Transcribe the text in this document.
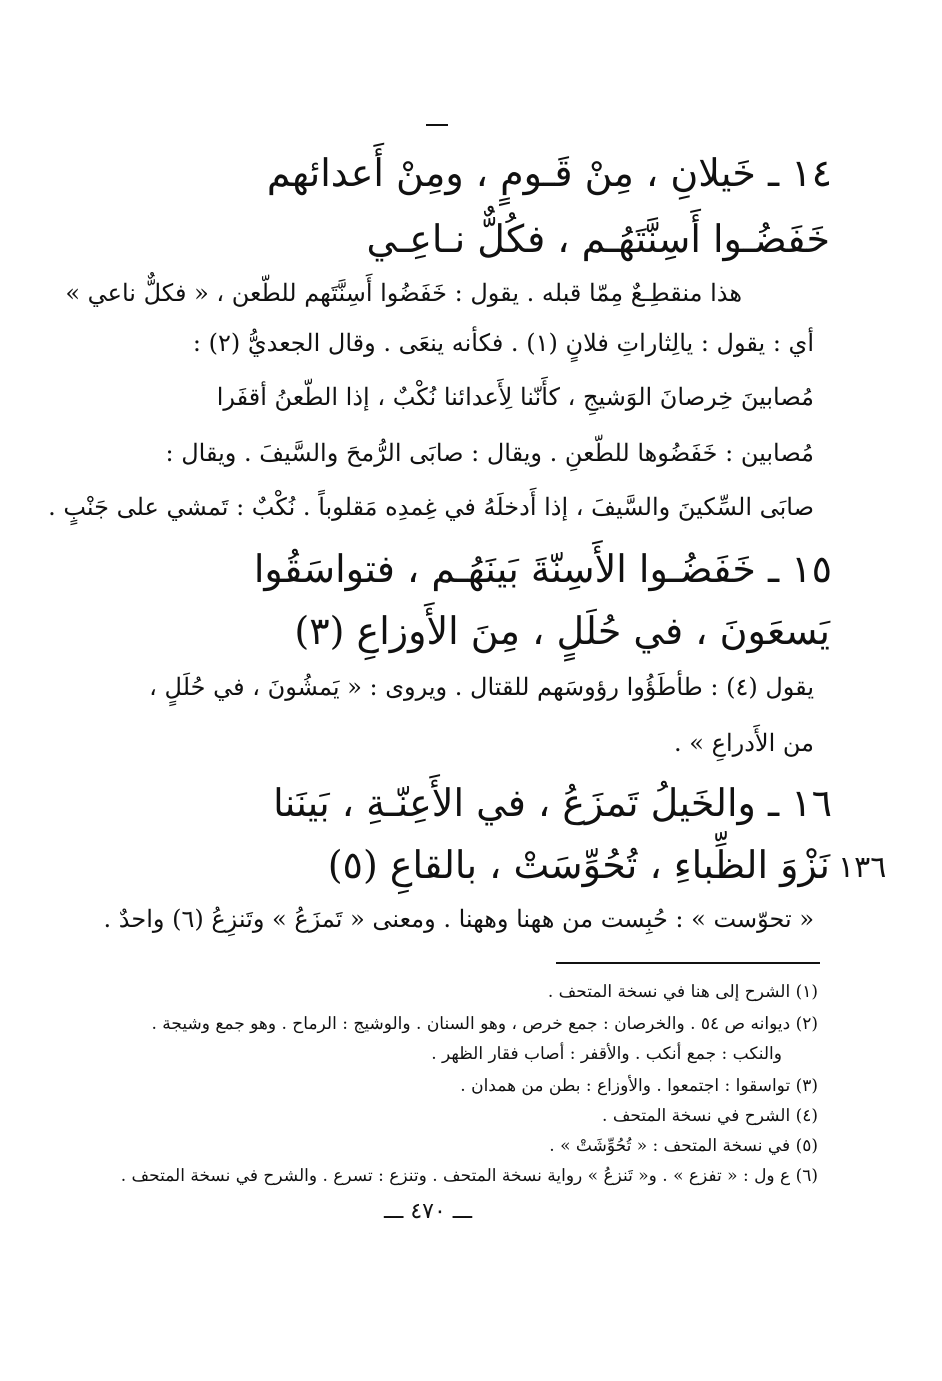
١٤ ـ خَيلانِ ، مِنْ قَـومٍ ، ومِنْ أَعدائهم
خَفَضُـوا أَسِنَّتَهُـم ، فكُلٌّ نـاعِـي
هذا منقطِـعٌ مِمّا قبله . يقول : خَفَضُوا أَسِنَّتَهم للطّعن ، « فكلٌّ ناعي »
أي : يقول : يالِثاراتِ فلانٍ (١) . فكأنه ينعَى . وقال الجعديُّ (٢) :
مُصابينَ خِرصانَ الوَشيجِ ، كأَنّنا لِأَعدائنا نُكْبٌ ، إذا الطّعنُ أقفَرا
مُصابين : خَفَضُوها للطّعنِ . ويقال : صابَى الرُّمحَ والسَّيفَ . ويقال :
صابَى السِّكينَ والسَّيفَ ، إذا أَدخلَهُ في غِمدِه مَقلوباً . نُكْبٌ : تَمشي على جَنْبٍ .
١٥ ـ خَفَضُـوا الأَسِنّةَ بَينَهُـم ، فتواسَقُوا
يَسعَونَ ، في حُلَلٍ ، مِنَ الأَوزاعِ (٣)
يقول (٤) : طأطَؤُوا رؤوسَهم للقتال . ويروى : « يَمشُونَ ، في حُلَلٍ ،
من الأَدراعِ » .
١٦ ـ والخَيلُ تَمزَعُ ، في الأَعِنّـةِ ، بَينَنا
نَزْوَ الظِّباءِ ، تُحُوِّسَتْ ، بالقاعِ (٥) ١٣٦
« تحوّست » : حُبِست من ههنا وههنا . ومعنى « تَمزَعُ » وتَنزِعُ (٦) واحدٌ .
(١) الشرح إلى هنا في نسخة المتحف .
(٢) ديوانه ص ٥٤ . والخرصان : جمع خرص ، وهو السنان . والوشيج : الرماح . وهو جمع وشيجة .
والنكب : جمع أنكب . والأقفر : أصاب فقار الظهر .
(٣) تواسقوا : اجتمعوا . والأوزاع : بطن من همدان .
(٤) الشرح في نسخة المتحف .
(٥) في نسخة المتحف : « تُحُوِّشَتْ » .
(٦) ع ول : « تفزع » . و« تَنزعُ » رواية نسخة المتحف . وتنزع : تسرع . والشرح في نسخة المتحف .
ـــ ٤٧٠ ـــ
